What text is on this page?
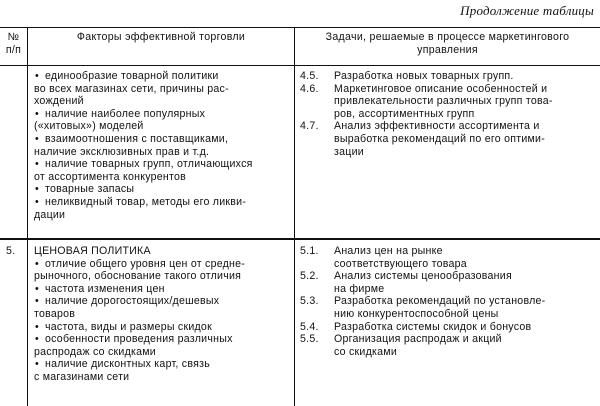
Продолжение таблицы
№
п/п
Факторы эффективной торговли	Задачи, решаемые в процессе маркетингового
управления
• единообразие товарной политики
во всех магазинах сети, причины рас-
хождений
• наличие наиболее популярных
(«хитовых») моделей
• взаимоотношения с поставщиками,
наличие эксклюзивных прав и т.д.
• наличие товарных групп, отличающихся
от ассортимента конкурентов
• товарные запасы
• неликвидный товар, методы его ликви-
дации
4.5. Разработка новых товарных групп.
4.6. Маркетинговое описание особенностей и
привлекательности различных групп това-
ров, ассортиментных групп
4.7. Анализ эффективности ассортимента и
выработка рекомендаций по его оптими-
зации
5. ЦЕНОВАЯ ПОЛИТИКА

• отличие общего уровня цен от средне-
рыночного, обоснование такого отличия
• частота изменения цен
• наличие дорогостоящих/дешевых
товаров
• частота, виды и размеры скидок
• особенности проведения различных
распродаж со скидками
• наличие дисконтных карт, связь
с магазинами сети
5.1. Анализ цен на рынке
соответствующего товара
5.2. Анализ системы ценообразования
на фирме
5.3. Разработка рекомендаций по установле-
нию конкурентоспособной цены
5.4. Разработка системы скидок и бонусов
5.5. Организация распродаж и акций
со скидками
